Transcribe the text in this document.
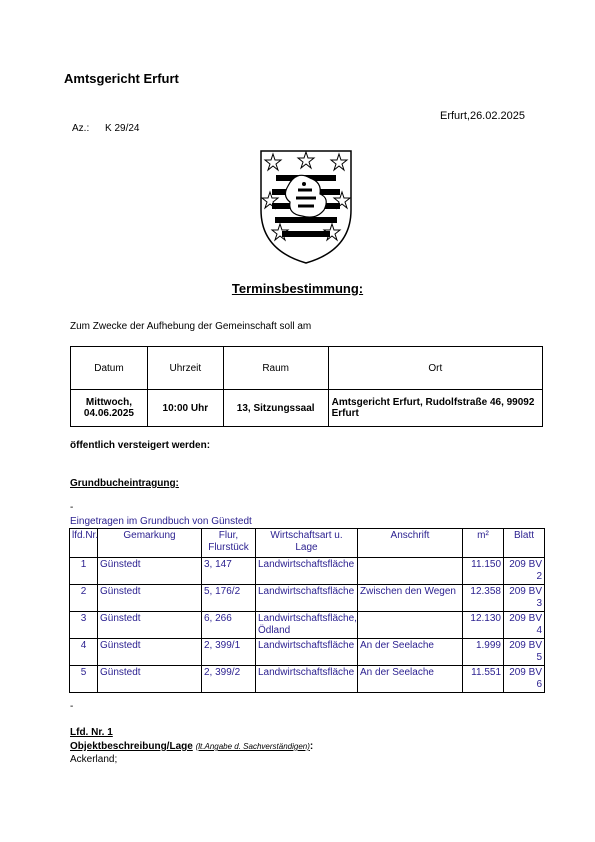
Amtsgericht Erfurt
Erfurt,26.02.2025
Az.: K 29/24
Terminsbestimmung:
Zum Zwecke der Aufhebung der Gemeinschaft soll am
Datum	Uhrzeit	Raum	Ort
Mittwoch, 04.06.2025	10:00 Uhr	13, Sitzungssaal	Amtsgericht Erfurt, Rudolfstraße 46, 99092 Erfurt
öffentlich versteigert werden:
Grundbucheintragung:
-
Eingetragen im Grundbuch von Günstedt
lfd.Nr.	Gemarkung	Flur, Flurstück	Wirtschaftsart u. Lage	Anschrift	m²	Blatt
1	Günstedt	3, 147	Landwirtschaftsfläche		11.150	209 BV 2
2	Günstedt	5, 176/2	Landwirtschaftsfläche	Zwischen den Wegen	12.358	209 BV 3
3	Günstedt	6, 266	Landwirtschaftsfläche, Ödland		12.130	209 BV 4
4	Günstedt	2, 399/1	Landwirtschaftsfläche	An der Seelache	1.999	209 BV 5
5	Günstedt	2, 399/2	Landwirtschaftsfläche	An der Seelache	11.551	209 BV 6
-
Lfd. Nr. 1
Objektbeschreibung/Lage (lt.Angabe d. Sachverständigen):
Ackerland;
